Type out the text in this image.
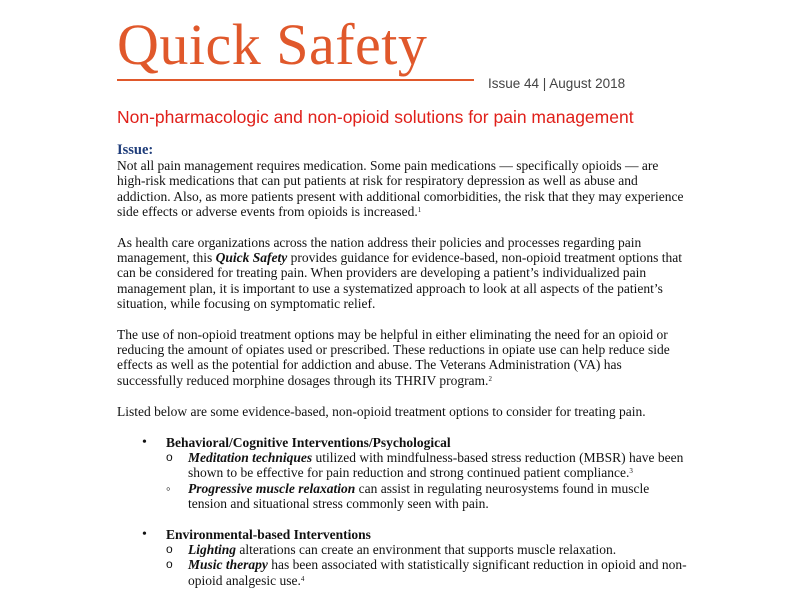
Quick Safety
Issue 44 | August 2018
Non-pharmacologic and non-opioid solutions for pain management
Issue:

Not all pain management requires medication. Some pain medications — specifically opioids — are high-risk medications that can put patients at risk for respiratory depression as well as abuse and addiction. Also, as more patients present with additional comorbidities, the risk that they may experience side effects or adverse events from opioids is increased.$^1$

As health care organizations across the nation address their policies and processes regarding pain management, this Quick Safety provides guidance for evidence-based, non-opioid treatment options that can be considered for treating pain. When providers are developing a patient’s individualized pain management plan, it is important to use a systematized approach to look at all aspects of the patient’s situation, while focusing on symptomatic relief.

The use of non-opioid treatment options may be helpful in either eliminating the need for an opioid or reducing the amount of opiates used or prescribed. These reductions in opiate use can help reduce side effects as well as the potential for addiction and abuse. The Veterans Administration (VA) has successfully reduced morphine dosages through its THRIV program.$^2$

Listed below are some evidence-based, non-opioid treatment options to consider for treating pain.

• Behavioral/Cognitive Interventions/Psychological
o Meditation techniques utilized with mindfulness-based stress reduction (MBSR) have been shown to be effective for pain reduction and strong continued patient compliance.$^3$
◦ Progressive muscle relaxation can assist in regulating neurosystems found in muscle tension and situational stress commonly seen with pain.
• Environmental-based Interventions
o Lighting alterations can create an environment that supports muscle relaxation.
o Music therapy has been associated with statistically significant reduction in opioid and non-opioid analgesic use.$^4$
